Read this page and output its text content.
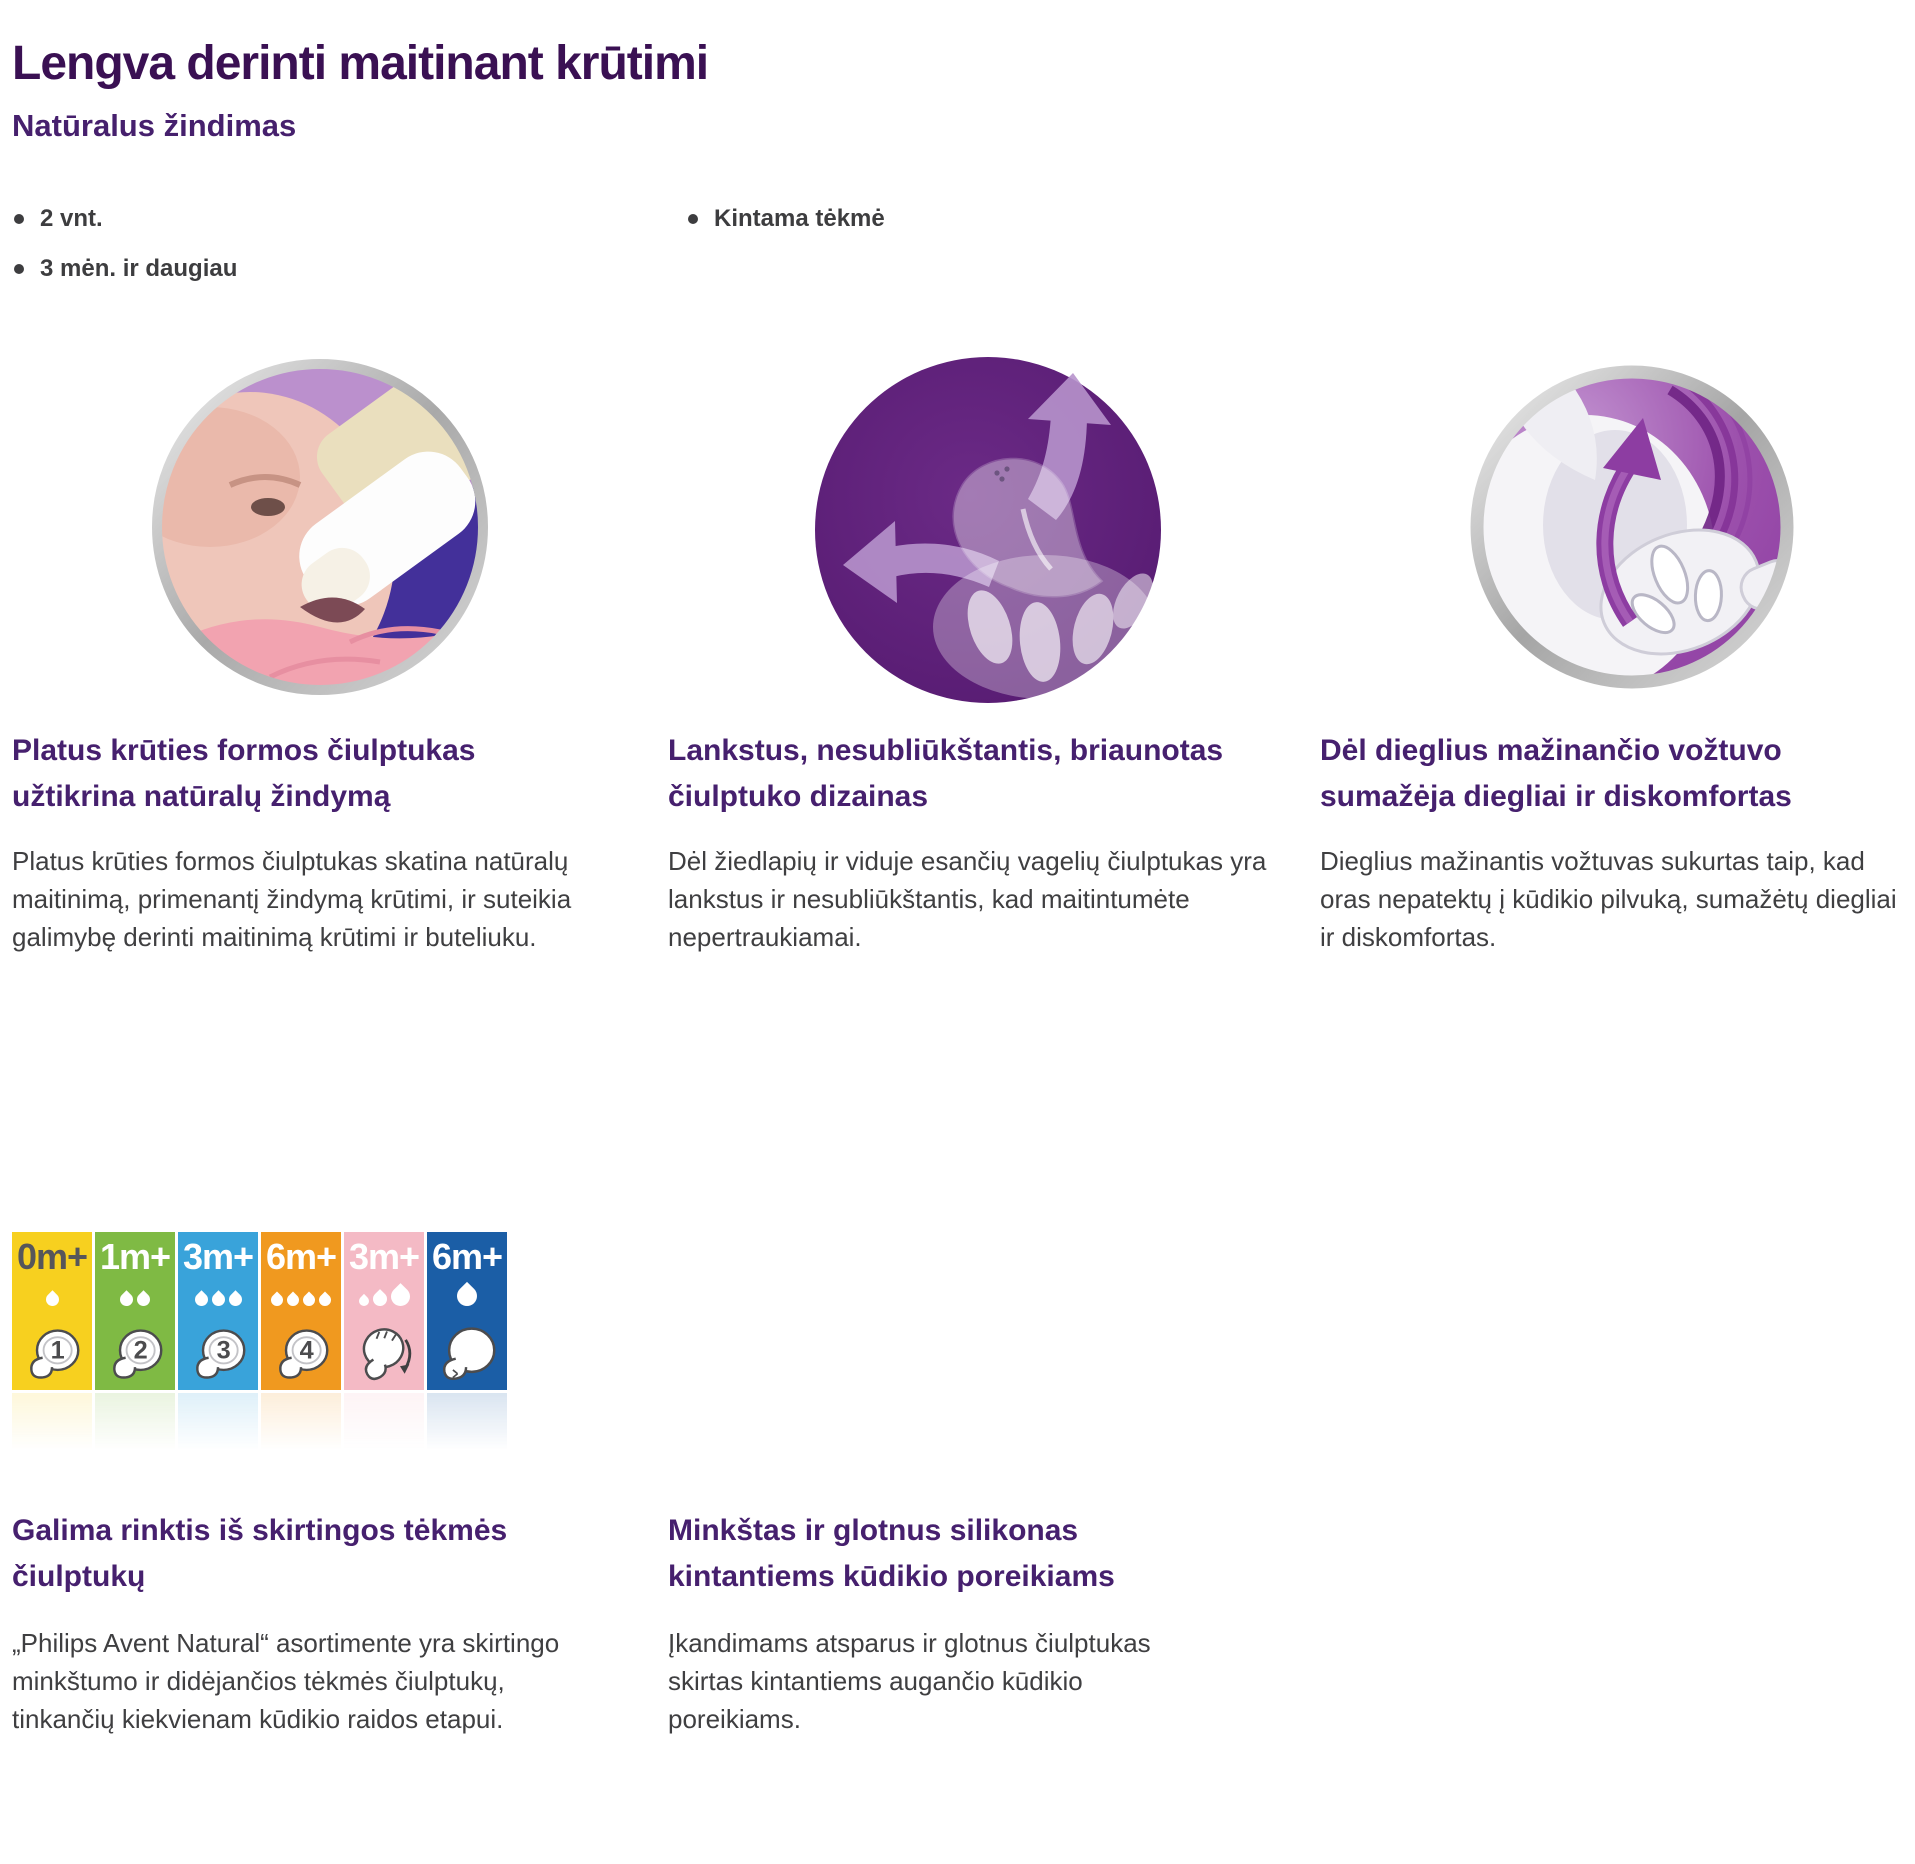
Lengva derinti maitinant krūtimi
Natūralus žindimas
2 vnt.
3 mėn. ir daugiau
Kintama tėkmė
Platus krūties formos čiulptukas
užtikrina natūralų žindymą

Platus krūties formos čiulptukas skatina natūralų maitinimą, primenantį žindymą krūtimi, ir suteikia galimybę derinti maitinimą krūtimi ir buteliuku.

Lankstus, nesubliūkštantis, briaunotas
čiulptuko dizainas

Dėl žiedlapių ir viduje esančių vagelių čiulptukas yra lankstus ir nesubliūkštantis, kad maitintumėte nepertraukiamai.

Dėl dieglius mažinančio vožtuvo
sumažėja diegliai ir diskomfortas

Dieglius mažinantis vožtuvas sukurtas taip, kad oras nepatektų į kūdikio pilvuką, sumažėtų diegliai ir diskomfortas.

0m+
1
1m+
2
3m+
3
6m+
4
3m+ 6m+
Galima rinktis iš skirtingos tėkmės
čiulptukų

„Philips Avent Natural“ asortimente yra skirtingo minkštumo ir didėjančios tėkmės čiulptukų, tinkančių kiekvienam kūdikio raidos etapui.

Minkštas ir glotnus silikonas
kintantiems kūdikio poreikiams

Įkandimams atsparus ir glotnus čiulptukas skirtas kintantiems augančio kūdikio poreikiams.
